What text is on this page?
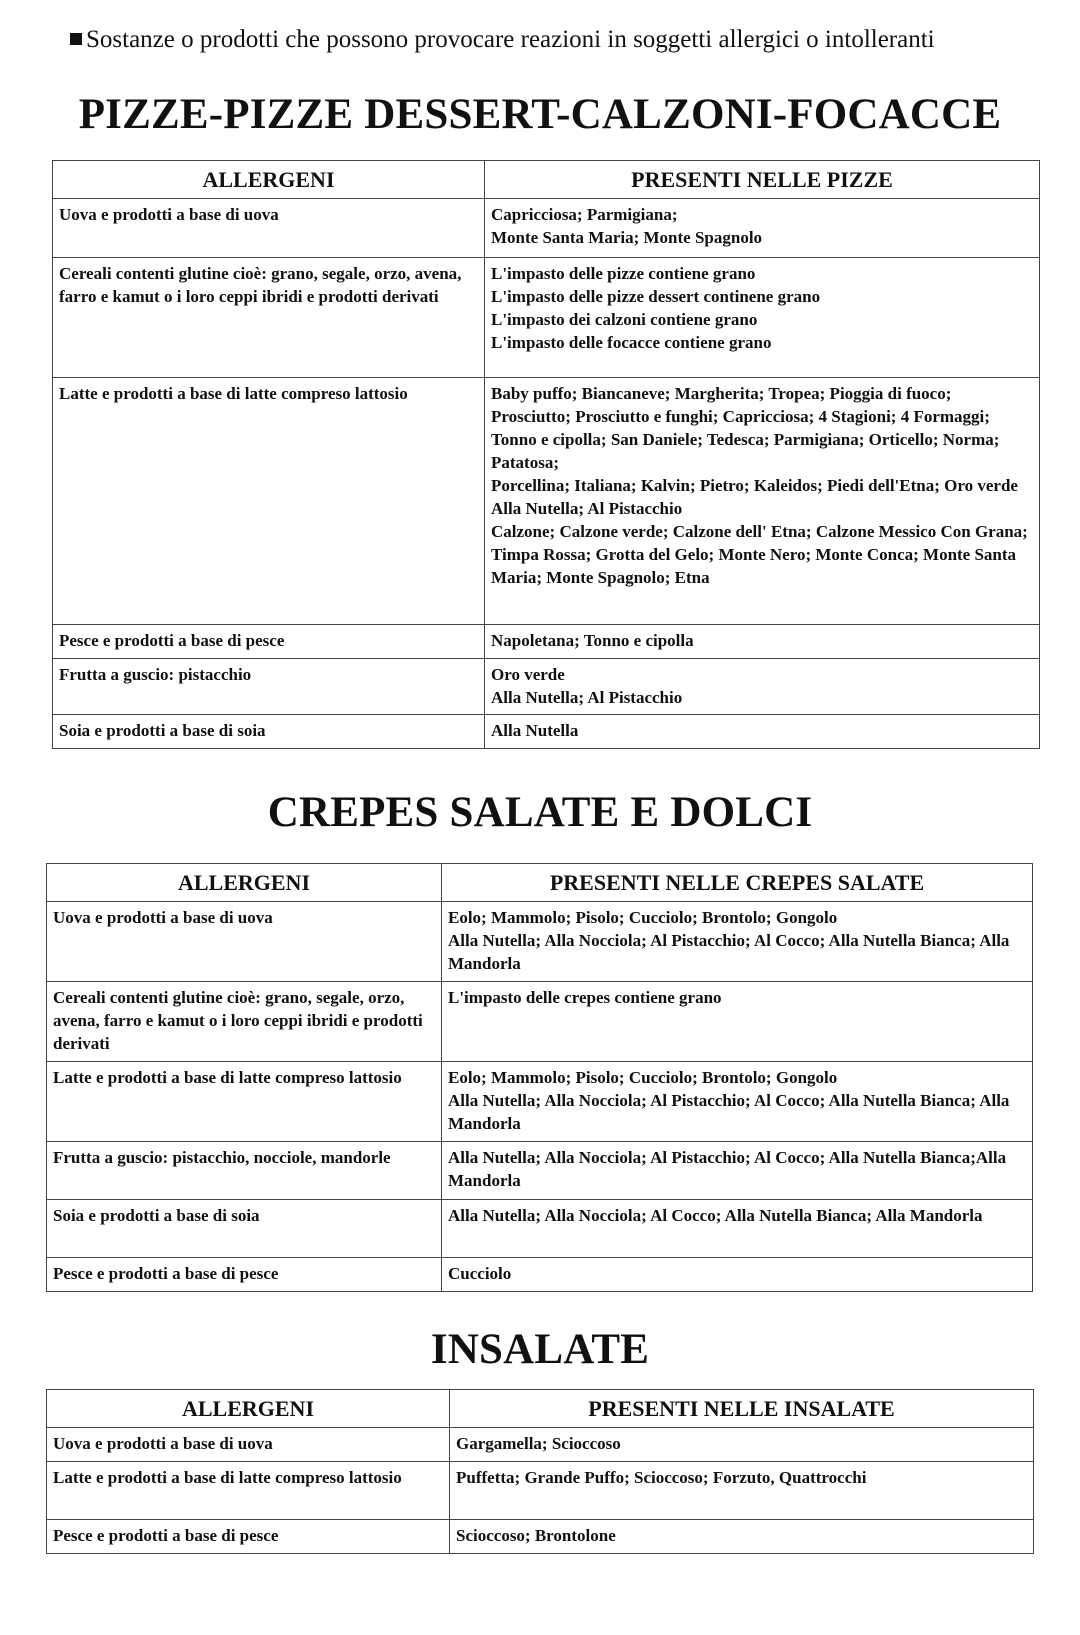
Sostanze o prodotti che possono provocare reazioni in soggetti allergici o intolleranti
PIZZE-PIZZE DESSERT-CALZONI-FOCACCE
ALLERGENI	PRESENTI NELLE PIZZE
Uova e prodotti a base di uova	Capricciosa; Parmigiana;
Monte Santa Maria; Monte Spagnolo

Cereali contenti glutine cioè: grano, segale, orzo, avena, farro e kamut o i loro ceppi ibridi e prodotti derivati	L'impasto delle pizze contiene grano
L'impasto delle pizze dessert continene grano
L'impasto dei calzoni contiene grano
L'impasto delle focacce contiene grano

Latte e prodotti a base di latte compreso lattosio	Baby puffo; Biancaneve; Margherita; Tropea; Pioggia di fuoco; Prosciutto; Prosciutto e funghi; Capricciosa; 4 Stagioni; 4 Formaggi; Tonno e cipolla; San Daniele; Tedesca; Parmigiana; Orticello; Norma; Patatosa;
Porcellina; Italiana; Kalvin; Pietro; Kaleidos; Piedi dell'Etna; Oro verde
Alla Nutella; Al Pistacchio
Calzone; Calzone verde; Calzone dell' Etna; Calzone Messico Con Grana; Timpa Rossa; Grotta del Gelo; Monte Nero; Monte Conca; Monte Santa Maria; Monte Spagnolo; Etna

Pesce e prodotti a base di pesce	Napoletana; Tonno e cipolla

Frutta a guscio: pistacchio	Oro verde
Alla Nutella; Al Pistacchio

Soia e prodotti a base di soia	Alla Nutella
CREPES SALATE E DOLCI
ALLERGENI	PRESENTI NELLE CREPES SALATE
Uova e prodotti a base di uova	Eolo; Mammolo; Pisolo; Cucciolo; Brontolo; Gongolo
Alla Nutella; Alla Nocciola; Al Pistacchio; Al Cocco; Alla Nutella Bianca; Alla Mandorla

Cereali contenti glutine cioè: grano, segale, orzo, avena, farro e kamut o i loro ceppi ibridi e prodotti derivati	L'impasto delle crepes contiene grano

Latte e prodotti a base di latte compreso lattosio	Eolo; Mammolo; Pisolo; Cucciolo; Brontolo; Gongolo
Alla Nutella; Alla Nocciola; Al Pistacchio; Al Cocco; Alla Nutella Bianca; Alla Mandorla

Frutta a guscio: pistacchio, nocciole, mandorle	Alla Nutella; Alla Nocciola; Al Pistacchio; Al Cocco; Alla Nutella Bianca;Alla Mandorla

Soia e prodotti a base di soia	Alla Nutella; Alla Nocciola; Al Cocco; Alla Nutella Bianca; Alla Mandorla

Pesce e prodotti a base di pesce	Cucciolo
INSALATE
ALLERGENI	PRESENTI NELLE INSALATE
Uova e prodotti a base di uova	Gargamella; Scioccoso

Latte e prodotti a base di latte compreso lattosio	Puffetta; Grande Puffo; Scioccoso; Forzuto, Quattrocchi

Pesce e prodotti a base di pesce	Scioccoso; Brontolone
